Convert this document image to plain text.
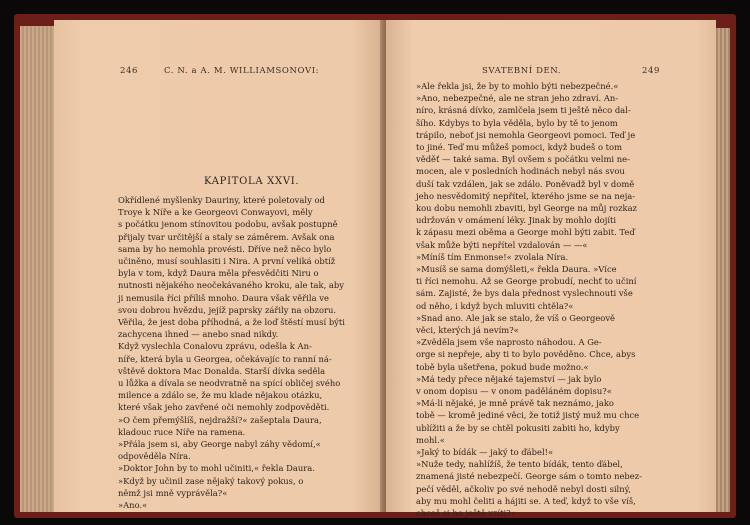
246	C. N. a A. M. WILLIAMSONOVI:
KAPITOLA XXVI.
Okřídlené myšlenky Dauriny, které poletovaly od
Troye k Níře a ke Georgeovi Conwayovi, měly
s počátku jenom stínovitou podobu, avšak postupně
přijaly tvar určitější a staly se záměrem. Avšak ona
sama by ho nemohla provésti. Dříve než něco bylo
učiněno, musí souhlasiti i Nira. A první veliká obtíž
byla v tom, když Daura měla přesvědčiti Niru o
nutnosti nějakého neočekávaného kroku, ale tak, aby
ji nemusila říci příliš mnoho. Daura však věřila ve
svou dobrou hvězdu, jejíž paprsky zářily na obzoru.
Věřila, že jest doba příhodná, a že loď štěstí musí býti
zachycena ihned — anebo snad nikdy.
Když vyslechla Conalovu zprávu, odešla k An-
níře, která byla u Georgea, očekávajíc to ranní ná-
vštěvě doktora Mac Donalda. Starší dívka seděla
u lůžka a dívala se neodvratně na spící obličej svého
milence a zdálo se, že mu klade nějakou otázku,
které však jeho zavřené oči nemohly zodpověděti.
»O čem přemýšlíš, nejdražší?« zašeptala Daura,
kladouc ruce Níře na ramena.
»Přála jsem si, aby George nabyl záhy vědomí,«
odpověděla Níra.
»Doktor John by to mohl učiniti,« řekla Daura.
»Když by učinil zase nějaký takový pokus, o
němž jsi mně vyprávěla?«
»Ano.«
SVATEBNÍ DEN.	249
»Ale řekla jsi, že by to mohlo býti nebezpečné.«
»Ano, nebezpečné, ale ne stran jeho zdraví. An-
níro, krásná dívko, zamlčela jsem ti ještě něco dal-
šího. Kdybys to byla věděla, bylo by tě to jenom
trápilo, neboť jsi nemohla Georgeovi pomoci. Teď je
to jiné. Teď mu můžeš pomoci, když budeš o tom
věděť — také sama. Byl ovšem s počátku velmi ne-
mocen, ale v posledních hodinách nebyl nás svou
duší tak vzdálen, jak se zdálo. Poněvadž byl v domě
jeho nesvědomitý nepřítel, kterého jsme se na neja-
kou dobu nemohli zbaviti, byl George na můj rozkaz
udržován v omámení léky. Jinak by mohlo dojíti
k zápasu mezi oběma a George mohl býti zabit. Teď
však může býti nepřítel vzdalován — —«
»Míníš tím Enmonse!« zvolala Níra.
»Musíš se sama domýšleti,« řekla Daura. »Více
ti říci nemohu. Až se George probudí, nechť to učiní
sám. Zajisté, že bys dala přednost vyslechnouti vše
od něho, i když bych mluviti chtěla?«
»Snad ano. Ale jak se stalo, že víš o Georgeově
věci, kterých já nevím?«
»Zvěděla jsem vše naprosto náhodou. A Ge-
orge si nepřeje, aby ti to bylo pověděno. Chce, abys
tobě byla ušetřena, pokud bude možno.«
»Má tedy přece nějaké tajemství — jak bylo
v onom dopisu — v onom paděláném dopisu?«
»Má-li nějaké, je mně právě tak neznámo, jako
tobě — kromě jediné věci, že totiž jistý muž mu chce
ublížiti a že by se chtěl pokusiti zabiti ho, kdyby
mohl.«
»Jaký to bídák — jaký to ďábel!«
»Nuže tedy, nahlížíš, že tento bídák, tento ďábel,
znamená jisté nebezpečí. George sám o tomto nebez-
pečí věděl, ačkoliv po své nehodě nebyl dosti silný,
aby mu mohl čeliti a hájiti se. A teď, když to vše víš,
chceš si ho ještě vzíti?«
